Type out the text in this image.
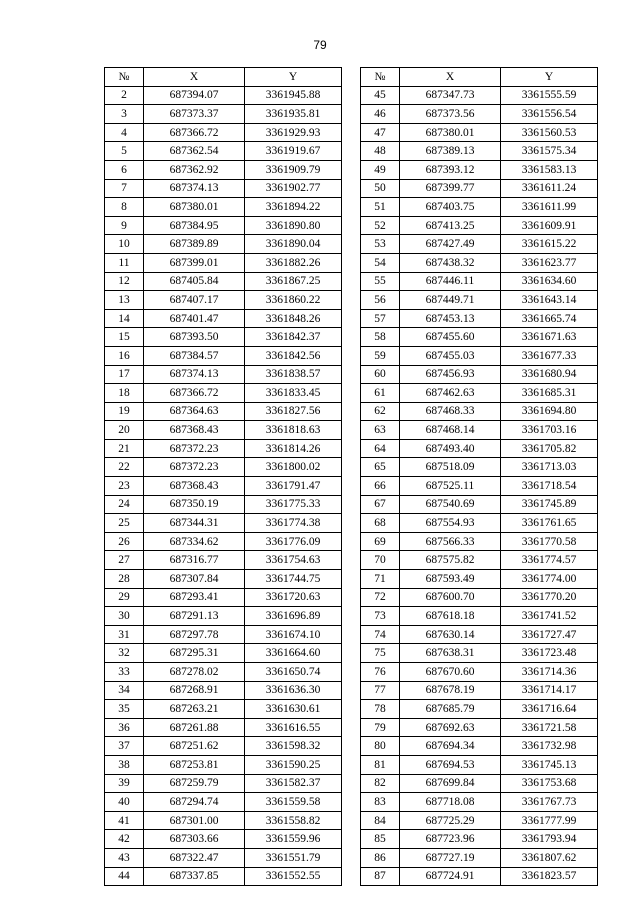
79
№	X	Y		№	X	Y
2	687394.07	3361945.88		45	687347.73	3361555.59
3	687373.37	3361935.81		46	687373.56	3361556.54
4	687366.72	3361929.93		47	687380.01	3361560.53
5	687362.54	3361919.67		48	687389.13	3361575.34
6	687362.92	3361909.79		49	687393.12	3361583.13
7	687374.13	3361902.77		50	687399.77	3361611.24
8	687380.01	3361894.22		51	687403.75	3361611.99
9	687384.95	3361890.80		52	687413.25	3361609.91
10	687389.89	3361890.04		53	687427.49	3361615.22
11	687399.01	3361882.26		54	687438.32	3361623.77
12	687405.84	3361867.25		55	687446.11	3361634.60
13	687407.17	3361860.22		56	687449.71	3361643.14
14	687401.47	3361848.26		57	687453.13	3361665.74
15	687393.50	3361842.37		58	687455.60	3361671.63
16	687384.57	3361842.56		59	687455.03	3361677.33
17	687374.13	3361838.57		60	687456.93	3361680.94
18	687366.72	3361833.45		61	687462.63	3361685.31
19	687364.63	3361827.56		62	687468.33	3361694.80
20	687368.43	3361818.63		63	687468.14	3361703.16
21	687372.23	3361814.26		64	687493.40	3361705.82
22	687372.23	3361800.02		65	687518.09	3361713.03
23	687368.43	3361791.47		66	687525.11	3361718.54
24	687350.19	3361775.33		67	687540.69	3361745.89
25	687344.31	3361774.38		68	687554.93	3361761.65
26	687334.62	3361776.09		69	687566.33	3361770.58
27	687316.77	3361754.63		70	687575.82	3361774.57
28	687307.84	3361744.75		71	687593.49	3361774.00
29	687293.41	3361720.63		72	687600.70	3361770.20
30	687291.13	3361696.89		73	687618.18	3361741.52
31	687297.78	3361674.10		74	687630.14	3361727.47
32	687295.31	3361664.60		75	687638.31	3361723.48
33	687278.02	3361650.74		76	687670.60	3361714.36
34	687268.91	3361636.30		77	687678.19	3361714.17
35	687263.21	3361630.61		78	687685.79	3361716.64
36	687261.88	3361616.55		79	687692.63	3361721.58
37	687251.62	3361598.32		80	687694.34	3361732.98
38	687253.81	3361590.25		81	687694.53	3361745.13
39	687259.79	3361582.37		82	687699.84	3361753.68
40	687294.74	3361559.58		83	687718.08	3361767.73
41	687301.00	3361558.82		84	687725.29	3361777.99
42	687303.66	3361559.96		85	687723.96	3361793.94
43	687322.47	3361551.79		86	687727.19	3361807.62
44	687337.85	3361552.55		87	687724.91	3361823.57
